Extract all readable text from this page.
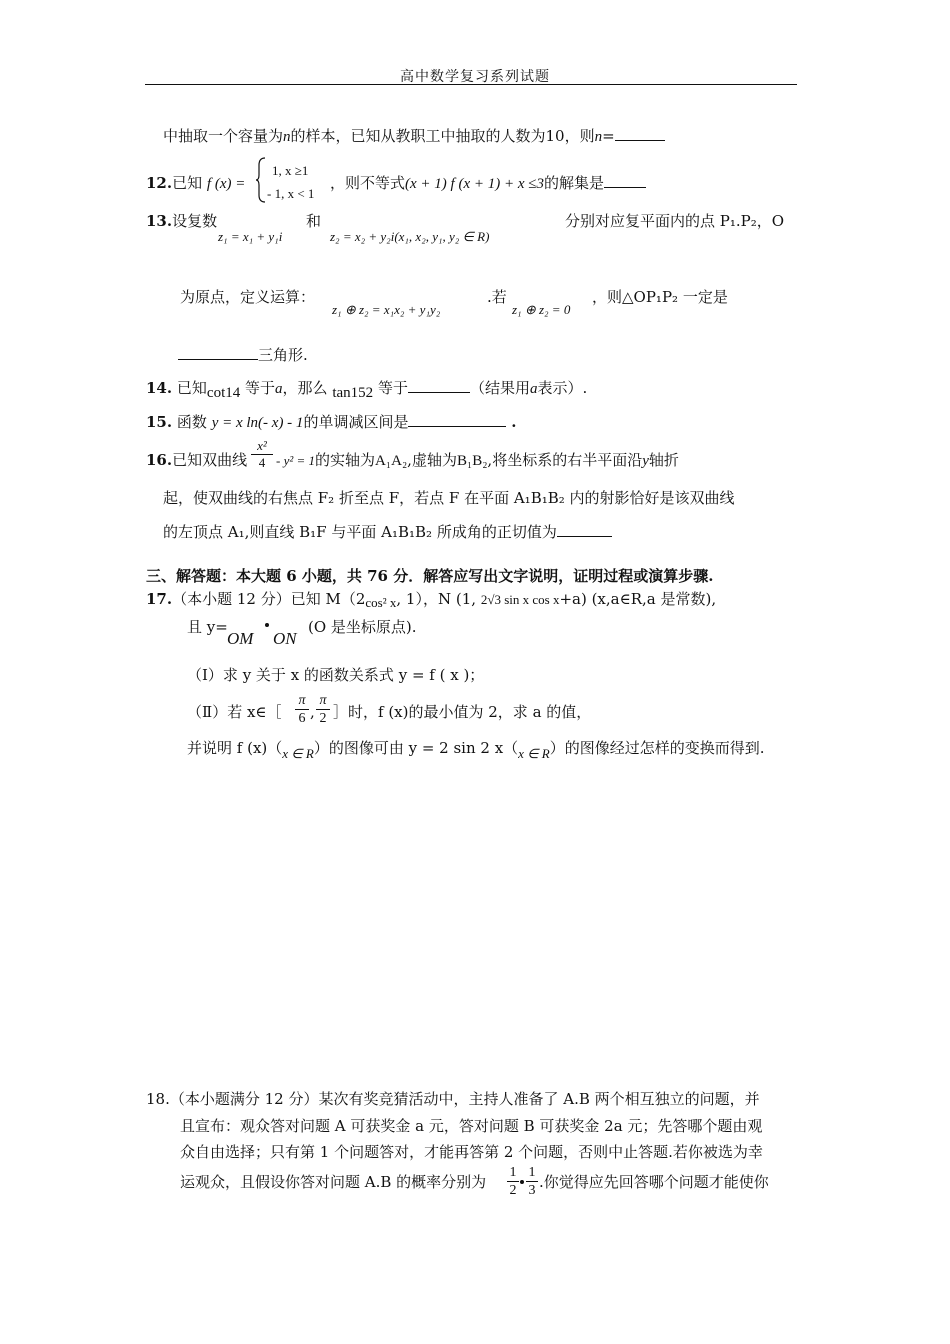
高中数学复习系列试题
中抽取一个容量为n的样本，已知从教职工中抽取的人数为10，则n=
12.已知 f (x) =
1, x ≥1
- 1, x < 1
，则不等式(x + 1) f (x + 1) + x ≤3的解集是
13.设复数
z₁ = x₁ + y₁i
和
z₂ = x₂ + y₂i(x₁, x₂, y₁, y₂ ∈ R)
分别对应复平面内的点 P₁.P₂，O
为原点，定义运算：
z₁ ⊕ z₂ = x₁x₂ + y₁y₂
.若
z₁ ⊕ z₂ = 0
，则△OP₁P₂ 一定是
三角形.
14. 已知cot14 等于a，那么 tan152 等于	（结果用a表示）.
15. 函数 y = x ln(- x) - 1的单调减区间是	.
16.已知双曲线 $\frac{\text{x²}}{4} - y^2 = 1$的实轴为A₁A₂,虚轴为B₁B₂,将坐标系的右半平面沿y轴折
起，使双曲线的右焦点 F₂ 折至点 F，若点 F 在平面 A₁B₁B₂ 内的射影恰好是该双曲线
的左顶点 A₁,则直线 B₁F 与平面 A₁B₁B₂ 所成角的正切值为
三、解答题：本大题 6 小题，共 76 分．解答应写出文字说明，证明过程或演算步骤.
17.（本小题 12 分）已知 M（2cos² x, 1），N (1, 2√3 sin x cos x+a) (x,a∈R,a 是常数),
且 y=
OM ON
(O 是坐标原点).
（Ⅰ）求 y 关于 x 的函数关系式 y = f ( x )；
（Ⅱ）若 x∈［
π
6 ,
π
2 ］时，f (x)的最小值为 2，求 a 的值，
并说明 f (x)（x ∈ R）的图像可由 y = 2 sin 2 x（x ∈ R）的图像经过怎样的变换而得到.
18.（本小题满分 12 分）某次有奖竞猜活动中，主持人准备了 A.B 两个相互独立的问题，并
且宣布：观众答对问题 A 可获奖金 a 元，答对问题 B 可获奖金 2a 元；先答哪个题由观
众自由选择；只有第 1 个问题答对，才能再答第 2 个问题，否则中止答题.若你被选为幸
运观众，且假设你答对问题 A.B 的概率分别为 $\frac{1}{2} \frac{1}{3}$ .你觉得应先回答哪个问题才能使你
